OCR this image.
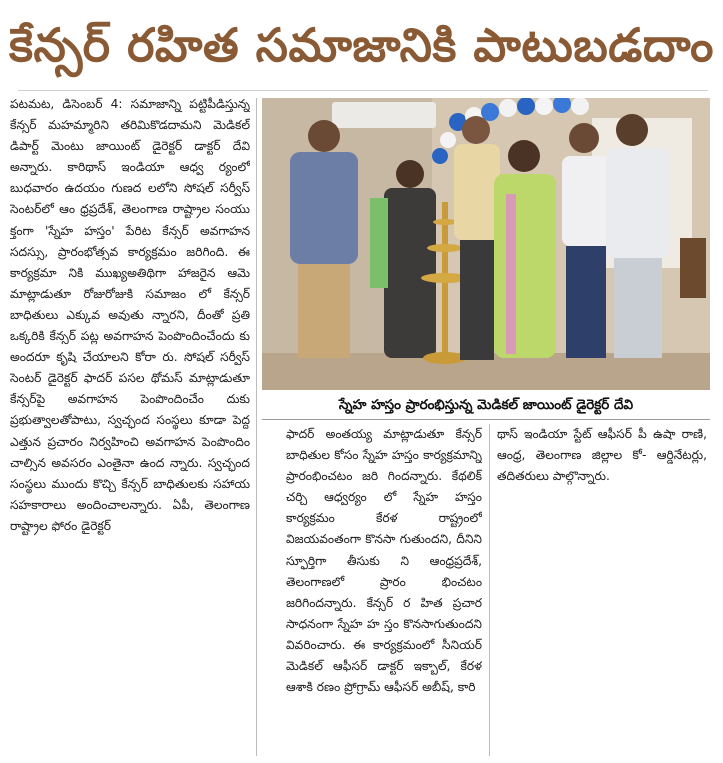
కేన్సర్ రహిత సమాజానికి పాటుబడదాం

పటమట, డిసెంబర్ 4: సమాజాన్ని పట్టిపీడిస్తున్న కేన్సర్ మహమ్మారిని తరిమికొడదామని మెడికల్ డిపార్ట్ మెంటు జాయింట్ డైరెక్టర్ డాక్టర్ దేవి అన్నారు. కారిథాస్ ఇండియా ఆధ్వ ర్యంలో బుధవారం ఉదయం గుణద లలోని సోషల్ సర్వీస్ సెంటర్‌లో ఆం ధ్రప్రదేశ్, తెలంగాణ రాష్ట్రాల సంయు క్తంగా 'స్నేహ హస్తం' పేరిట కేన్సర్ అవగాహన సదస్సు, ప్రారంభోత్సవ కార్యక్రమం జరిగింది. ఈ కార్యక్రమా నికి ముఖ్యఅతిథిగా హాజరైన ఆమె మాట్లాడుతూ రోజురోజుకి సమాజం లో కేన్సర్ బాధితులు ఎక్కువ అవుతు న్నారని, దీంతో ప్రతి ఒక్కరికి కేన్సర్ పట్ల అవగాహన పెంపొందించేందు కు అందరూ కృషి చేయాలని కోరా రు. సోషల్ సర్వీస్ సెంటర్ డైరెక్టర్ ఫాదర్ పసల థోమస్ మాట్లాడుతూ కేన్సర్‌పై అవగాహన పెంపొందించేం దుకు ప్రభుత్వాలతోపాటు, స్వచ్ఛంద సంస్థలు కూడా పెద్ద ఎత్తున ప్రచారం నిర్వహించి అవగాహన పెంపొందిం చాల్సిన అవసరం ఎంతైనా ఉంద న్నారు. స్వచ్ఛంద సంస్థలు ముందు కొచ్చి కేన్సర్ బాధితులకు సహాయ సహకారాలు అందించాలన్నారు. ఏపీ, తెలంగాణ రాష్ట్రాల ఫోరం డైరెక్టర్

స్నేహ హస్తం ప్రారంభిస్తున్న మెడికల్ జాయింట్ డైరెక్టర్ దేవి

ఫాదర్ అంతయ్య మాట్లాడుతూ కేన్సర్ బాధితుల కోసం స్నేహ హస్తం కార్యక్రమాన్ని ప్రారంభించటం జరి గిందన్నారు. కేథలిక్ చర్చి ఆధ్వర్యం లో స్నేహ హస్తం కార్యక్రమం కేరళ రాష్ట్రంలో విజయవంతంగా కొనసా గుతుందని, దీనిని స్ఫూర్తిగా తీసుకు ని ఆంధ్రప్రదేశ్, తెలంగాణలో ప్రారం భించటం జరిగిందన్నారు. కేన్సర్ ర హిత ప్రచార సాధనంగా స్నేహ హ స్తం కొనసాగుతుందని వివరించారు. ఈ కార్యక్రమంలో సీనియర్ మెడికల్ ఆఫీసర్ డాక్టర్ ఇక్బాల్, కేరళ ఆశాకి రణం ప్రోగ్రామ్ ఆఫీసర్ అబీష్, కారి

థాస్ ఇండియా స్టేట్ ఆఫీసర్ పీ ఉషా రాణి, ఆంధ్ర, తెలంగాణ జిల్లాల కో- ఆర్డినేటర్లు, తదితరులు పాల్గొన్నారు.
